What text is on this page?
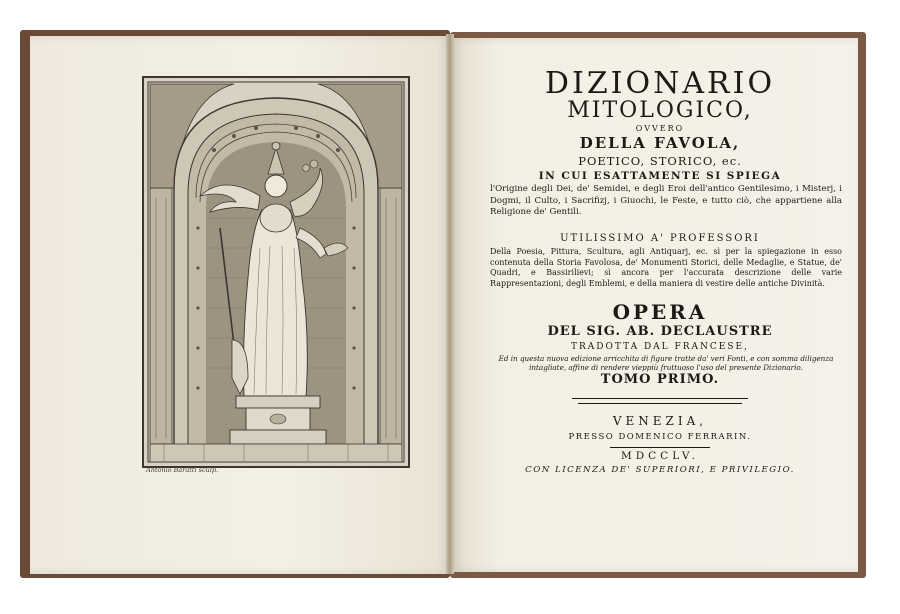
Antonio Baratti sculp.
DIZIONARIO
MITOLOGICO,
OVVERO
DELLA FAVOLA,
POETICO, STORICO, ec.
IN CUI ESATTAMENTE SI SPIEGA
l'Origine degli Dei, de' Semidei, e degli Eroi dell'antico Gentilesimo, i Misterj, i Dogmi, il Culto, i Sacrifizj, i Giuochi, le Feste, e tutto ciò, che appartiene alla Religione de' Gentili.
UTILISSIMO A' PROFESSORI
Della Poesia, Pittura, Scultura, agli Antiquarj, ec. sì per la spiegazione in esso contenuta della Storia Favolosa, de' Monumenti Storici, delle Medaglie, e Statue, de' Quadri, e Bassirilievi; sì ancora per l'accurata descrizione delle varie Rappresentazioni, degli Emblemi, e della maniera di vestire delle antiche Divinità.
OPERA
DEL SIG. AB. DECLAUSTRE
TRADOTTA DAL FRANCESE,
Ed in questa nuova edizione arricchita di figure tratte da' veri Fonti, e con somma diligenza intagliate, affine di rendere vieppiù fruttuoso l'uso del presente Dizionario.
TOMO PRIMO.
VENEZIA,
PRESSO DOMENICO FERRARIN.
MDCCLV.
CON LICENZA DE' SUPERIORI, E PRIVILEGIO.
